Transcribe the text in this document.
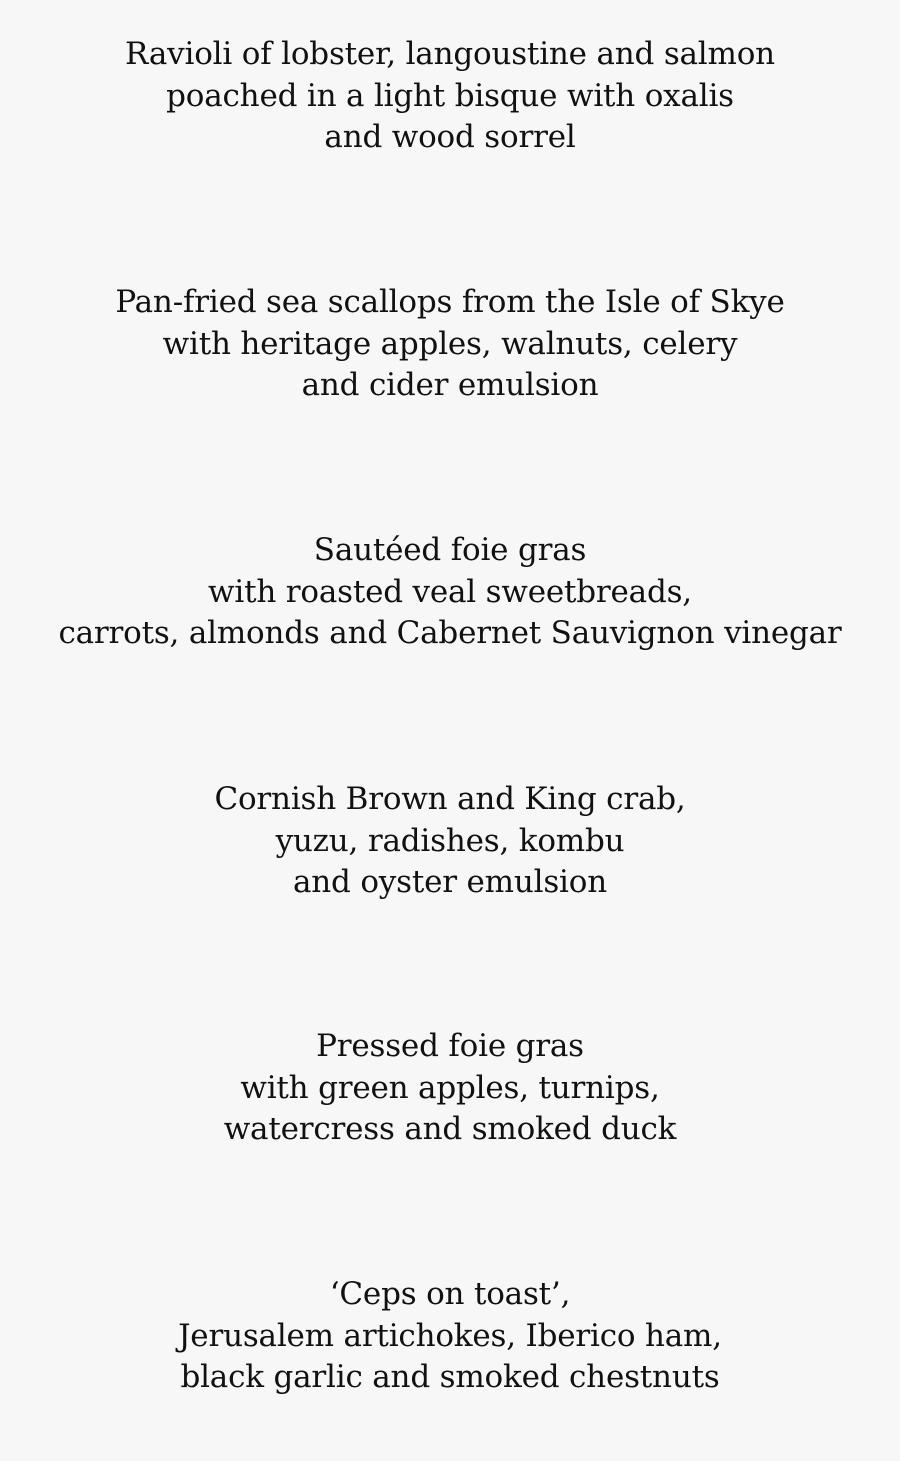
Ravioli of lobster, langoustine and salmon
poached in a light bisque with oxalis
and wood sorrel
Pan-fried sea scallops from the Isle of Skye
with heritage apples, walnuts, celery
and cider emulsion
Sautéed foie gras
with roasted veal sweetbreads,
carrots, almonds and Cabernet Sauvignon vinegar
Cornish Brown and King crab,
yuzu, radishes, kombu
and oyster emulsion
Pressed foie gras
with green apples, turnips,
watercress and smoked duck
‘Ceps on toast’,
Jerusalem artichokes, Iberico ham,
black garlic and smoked chestnuts
